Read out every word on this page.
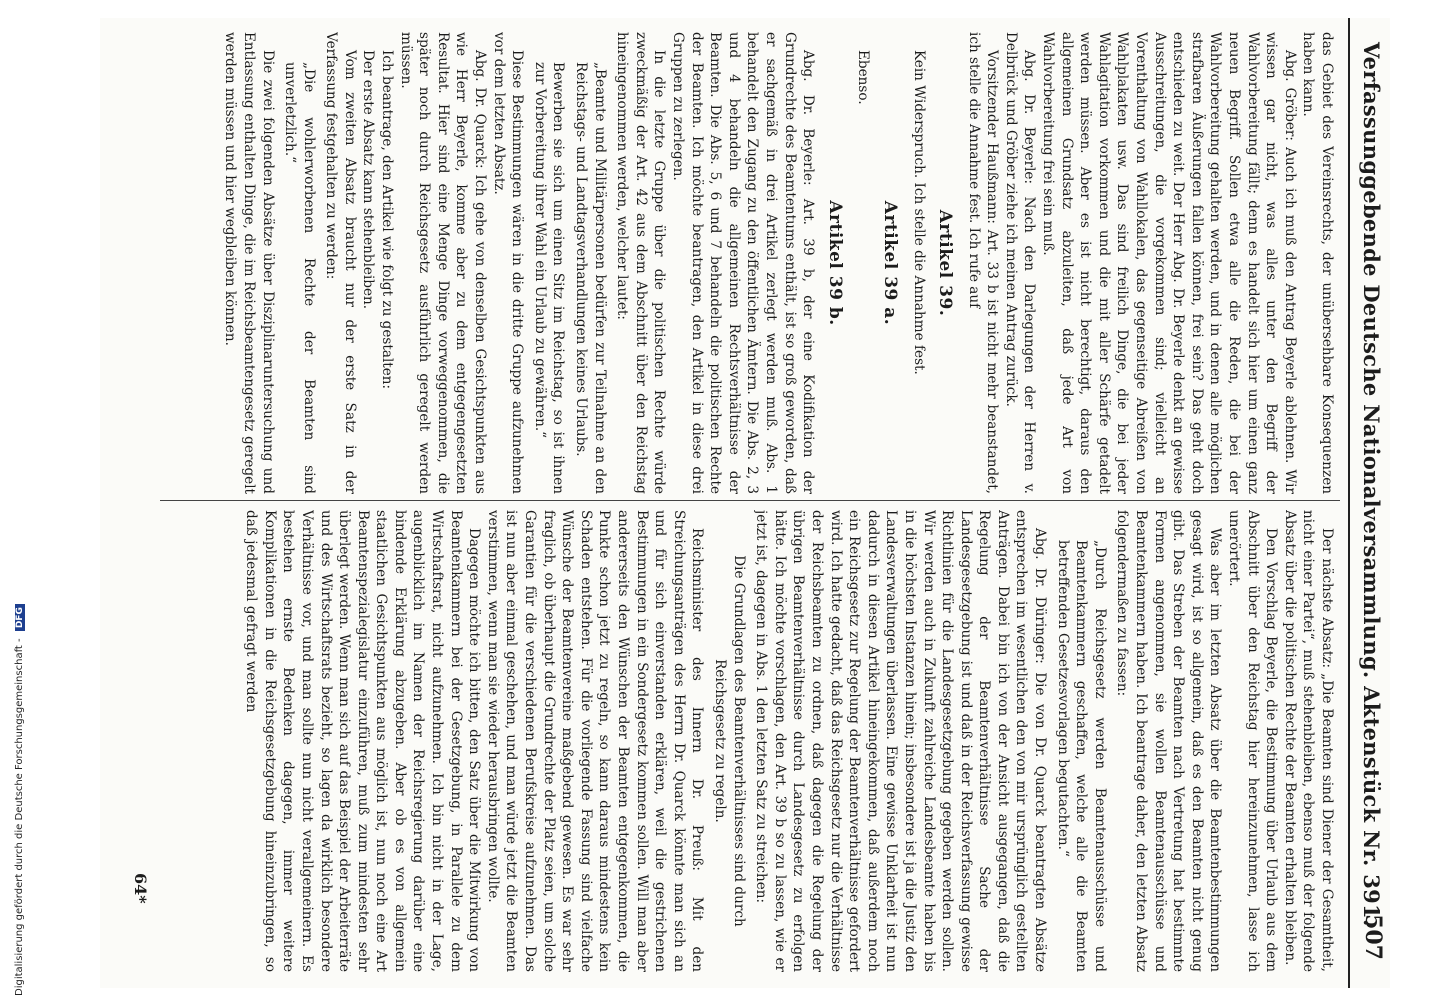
Verfassunggebende Deutsche Nationalversammlung. Aktenstück Nr. 391.
507

das Gebiet des Vereinsrechts, der unübersehbare Konsequenzen haben kann.

Abg. Gröber: Auch ich muß den Antrag Beyerle ablehnen. Wir wissen gar nicht, was alles unter den Begriff der Wahlvorbereitung fällt; denn es handelt sich hier um einen ganz neuen Begriff. Sollen etwa alle die Reden, die bei der Wahlvorbereitung gehalten werden, und in denen alle möglichen strafbaren Äußerungen fallen können, frei sein? Das geht doch entschieden zu weit. Der Herr Abg. Dr. Beyerle denkt an gewisse Ausschreitungen, die vorgekommen sind; vielleicht an Vorenthaltung von Wahllokalen, das gegenseitige Abreißen von Wahlplakaten usw. Das sind freilich Dinge, die bei jeder Wahlagitation vorkommen und die mit aller Schärfe getadelt werden müssen. Aber es ist nicht berechtigt, daraus den allgemeinen Grundsatz abzuleiten, daß jede Art von Wahlvorbereitung frei sein muß.

Abg. Dr. Beyerle: Nach den Darlegungen der Herren v. Delbrück und Gröber ziehe ich meinen Antrag zurück.

Vorsitzender Haußmann: Art. 33 b ist nicht mehr beanstandet, ich stelle die Annahme fest. Ich rufe auf

Artikel 39.

Kein Widerspruch. Ich stelle die Annahme fest.

Artikel 39 a.

Ebenso.

Artikel 39 b.

Abg. Dr. Beyerle: Art. 39 b, der eine Kodifikation der Grundrechte des Beamtentums enthält, ist so groß geworden, daß er sachgemäß in drei Artikel zerlegt werden muß. Abs. 1 behandelt den Zugang zu den öffentlichen Ämtern. Die Abs. 2, 3 und 4 behandeln die allgemeinen Rechtsverhältnisse der Beamten. Die Abs. 5, 6 und 7 behandeln die politischen Rechte der Beamten. Ich möchte beantragen, den Artikel in diese drei Gruppen zu zerlegen.

In die letzte Gruppe über die politischen Rechte würde zweckmäßig der Art. 42 aus dem Abschnitt über den Reichstag hineingenommen werden, welcher lautet:

„Beamte und Militärpersonen bedürfen zur Teilnahme an den Reichstags- und Landtagsverhandlungen keines Urlaubs.

Bewerben sie sich um einen Sitz im Reichstag, so ist ihnen zur Vorbereitung ihrer Wahl ein Urlaub zu gewähren.“

Diese Bestimmungen wären in die dritte Gruppe aufzunehmen vor dem letzten Absatz.

Abg. Dr. Quarck: Ich gehe von denselben Gesichtspunkten aus wie Herr Beyerle, komme aber zu dem entgegengesetzten Resultat. Hier sind eine Menge Dinge vorweggenommen, die später noch durch Reichsgesetz ausführlich geregelt werden müssen.

Ich beantrage, den Artikel wie folgt zu gestalten:

Der erste Absatz kann stehenbleiben.

Vom zweiten Absatz braucht nur der erste Satz in der Verfassung festgehalten zu werden:

„Die wohlerworbenen Rechte der Beamten sind unverletzlich.“

Die zwei folgenden Absätze über Disziplinaruntersuchung und Entlassung enthalten Dinge, die im Reichsbeamtengesetz geregelt werden müssen und hier wegbleiben können.

Der nächste Absatz: „Die Beamten sind Diener der Gesamtheit, nicht einer Partei“, muß stehenbleiben, ebenso muß der folgende Absatz über die politischen Rechte der Beamten erhalten bleiben.

Den Vorschlag Beyerle, die Bestimmung über Urlaub aus dem Abschnitt über den Reichstag hier hereinzunehmen, lasse ich unerörtert.

Was aber im letzten Absatz über die Beamtenbestimmungen gesagt wird, ist so allgemein, daß es den Beamten nicht genug gibt. Das Streben der Beamten nach Vertretung hat bestimmte Formen angenommen, sie wollen Beamtenausschüsse und Beamtenkammern haben. Ich beantrage daher, den letzten Absatz folgendermaßen zu fassen:

„Durch Reichsgesetz werden Beamtenausschüsse und Beamtenkammern geschaffen, welche alle die Beamten betreffenden Gesetzesvorlagen begutachten.“

Abg. Dr. Düringer: Die von Dr. Quarck beantragten Absätze entsprechen im wesentlichen den von mir ursprünglich gestellten Anträgen. Dabei bin ich von der Ansicht ausgegangen, daß die Regelung der Beamtenverhältnisse Sache der Landesgesetzgebung ist und daß in der Reichsverfassung gewisse Richtlinien für die Landesgesetzgebung gegeben werden sollen. Wir werden auch in Zukunft zahlreiche Landesbeamte haben bis in die höchsten Instanzen hinein; insbesondere ist ja die Justiz den Landesverwaltungen überlassen. Eine gewisse Unklarheit ist nun dadurch in diesen Artikel hineingekommen, daß außerdem noch ein Reichsgesetz zur Regelung der Beamtenverhältnisse gefordert wird. Ich hatte gedacht, daß das Reichsgesetz nur die Verhältnisse der Reichsbeamten zu ordnen, daß dagegen die Regelung der übrigen Beamtenverhältnisse durch Landesgesetz zu erfolgen hätte. Ich möchte vorschlagen, den Art. 39 b so zu lassen, wie er jetzt ist, dagegen in Abs. 1 den letzten Satz zu streichen:

Die Grundlagen des Beamtenverhältnisses sind durch Reichsgesetz zu regeln.

Reichsminister des Innern Dr. Preuß: Mit den Streichungsanträgen des Herrn Dr. Quarck könnte man sich an und für sich einverstanden erklären, weil die gestrichenen Bestimmungen in ein Sondergesetz kommen sollen. Will man aber andererseits den Wünschen der Beamten entgegenkommen, die Punkte schon jetzt zu regeln, so kann daraus mindestens kein Schaden entstehen. Für die vorliegende Fassung sind vielfache Wünsche der Beamtenvereine maßgebend gewesen. Es war sehr fraglich, ob überhaupt die Grundrechte der Platz seien, um solche Garantien für die verschiedenen Berufskreise aufzunehmen. Das ist nun aber einmal geschehen, und man würde jetzt die Beamten verstimmen, wenn man sie wieder herausbringen wollte.

Dagegen möchte ich bitten, den Satz über die Mitwirkung von Beamtenkammern bei der Gesetzgebung, in Parallele zu dem Wirtschaftsrat, nicht aufzunehmen. Ich bin nicht in der Lage, augenblicklich im Namen der Reichsregierung darüber eine bindende Erklärung abzugeben. Aber ob es von allgemein staatlichen Gesichtspunkten aus möglich ist, nun noch eine Art Beamtenspezialegislatur einzuführen, muß zum mindesten sehr überlegt werden. Wenn man sich auf das Beispiel der Arbeiterräte und des Wirtschaftsrats bezieht, so lagen da wirklich besondere Verhältnisse vor, und man sollte nun nicht verallgemeinern. Es bestehen ernste Bedenken dagegen, immer weitere Komplikationen in die Reichsgesetzgebung hineinzubringen, so daß jedesmal gefragt werden

64*
Digitalisierung gefördert durch die Deutsche Forschungsgemeinschaft - DFG
